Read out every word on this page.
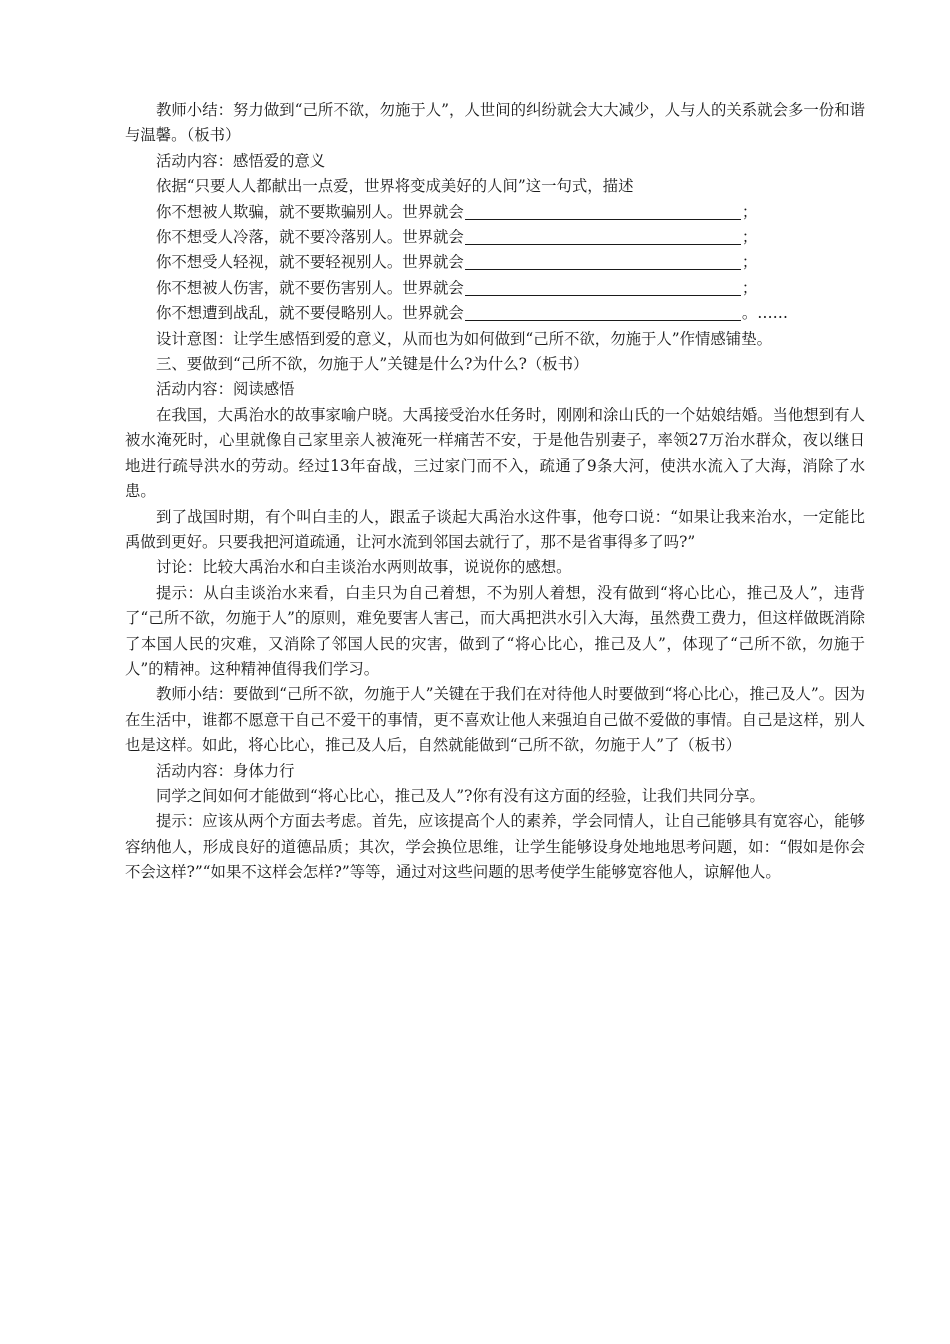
教师小结：努力做到“己所不欲，勿施于人”，人世间的纠纷就会大大减少，人与人的关系就会多一份和谐与温馨。（板书）

活动内容：感悟爱的意义

依据“只要人人都献出一点爱，世界将变成美好的人间”这一句式，描述

你不想被人欺骗，就不要欺骗别人。世界就会	；

你不想受人冷落，就不要冷落别人。世界就会	；

你不想受人轻视，就不要轻视别人。世界就会	；

你不想被人伤害，就不要伤害别人。世界就会	；

你不想遭到战乱，就不要侵略别人。世界就会	。……

设计意图：让学生感悟到爱的意义，从而也为如何做到“己所不欲，勿施于人”作情感铺垫。

三、要做到“己所不欲，勿施于人”关键是什么?为什么?（板书）

活动内容：阅读感悟

在我国，大禹治水的故事家喻户晓。大禹接受治水任务时，刚刚和涂山氏的一个姑娘结婚。当他想到有人被水淹死时，心里就像自己家里亲人被淹死一样痛苦不安，于是他告别妻子，率领27万治水群众，夜以继日地进行疏导洪水的劳动。经过13年奋战，三过家门而不入，疏通了9条大河，使洪水流入了大海，消除了水患。

到了战国时期，有个叫白圭的人，跟孟子谈起大禹治水这件事，他夸口说：“如果让我来治水，一定能比禹做到更好。只要我把河道疏通，让河水流到邻国去就行了，那不是省事得多了吗?”

讨论：比较大禹治水和白圭谈治水两则故事，说说你的感想。

提示：从白圭谈治水来看，白圭只为自己着想，不为别人着想，没有做到“将心比心，推己及人”，违背了“己所不欲，勿施于人”的原则，难免要害人害己，而大禹把洪水引入大海，虽然费工费力，但这样做既消除了本国人民的灾难，又消除了邻国人民的灾害，做到了“将心比心，推己及人”，体现了“己所不欲，勿施于人”的精神。这种精神值得我们学习。

教师小结：要做到“己所不欲，勿施于人”关键在于我们在对待他人时要做到“将心比心，推己及人”。因为在生活中，谁都不愿意干自己不爱干的事情，更不喜欢让他人来强迫自己做不爱做的事情。自己是这样，别人也是这样。如此，将心比心，推己及人后，自然就能做到“己所不欲，勿施于人”了（板书）

活动内容：身体力行

同学之间如何才能做到“将心比心，推己及人”?你有没有这方面的经验，让我们共同分享。

提示：应该从两个方面去考虑。首先，应该提高个人的素养，学会同情人，让自己能够具有宽容心，能够容纳他人，形成良好的道德品质；其次，学会换位思维，让学生能够设身处地地思考问题，如：“假如是你会不会这样?”“如果不这样会怎样?”等等，通过对这些问题的思考使学生能够宽容他人，谅解他人。
